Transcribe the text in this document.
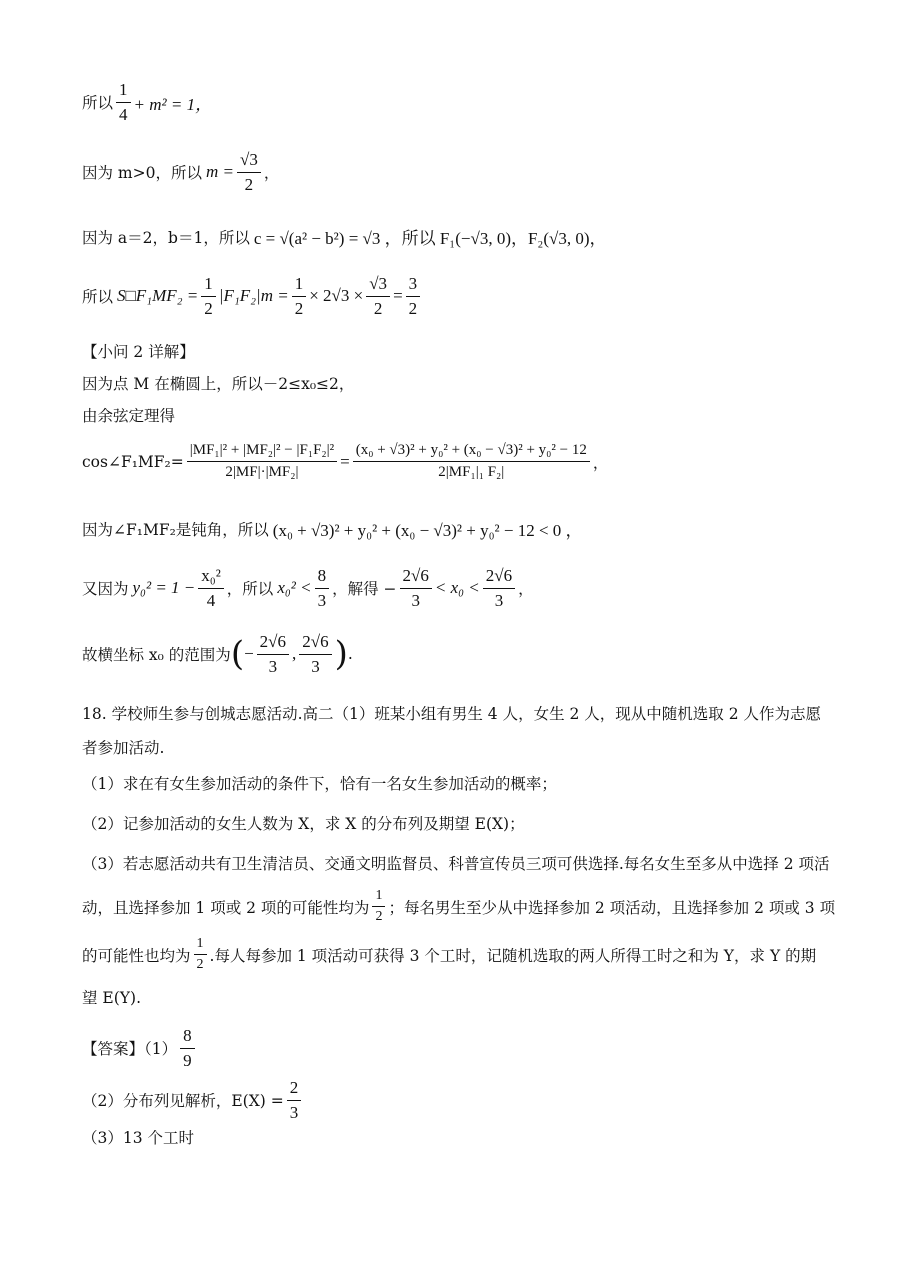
所以 $\frac{1}{4} + m^2 = 1$，
因为 m>0，所以 $m = \frac{√3}{2}$ ，
因为 a＝2，b＝1，所以 c = √(a² − b²) = √3 ，所以 F₁(−√3, 0)，F₂(√3, 0)，
所以 S□F₁MF₂ = $\frac{1}{2} |F_1F_2|m = \frac{1}{2} \times 2√3 \times \frac{√3}{2} = \frac{3}{2}$
【小问 2 详解】
因为点 M 在椭圆上，所以－2≤x₀≤2，
由余弦定理得
cos∠F₁MF₂= $\frac{\text{|MF₁|² + |MF₂|² − |F₁F₂|²}}{\text{2|MF|·|MF₂|}} = \frac{\text{(x₀ + √3)² + y₀² + (x₀ − √3)² + y₀² − 12}}{\text{2|MF₁|₁ F₂|}}$ ，
因为∠F₁MF₂是钝角，所以 (x₀ + √3)² + y₀² + (x₀ − √3)² + y₀² − 12 < 0 ，
又因为 $y_0^2 = 1 - \frac{\text{x₀²}}{4}$ ，所以 $x_0^2 < \frac{8}{3}$ ，解得 − $\frac{2√6}{3} < x_0 < \frac{2√6}{3}$ ，
故横坐标 x₀ 的范围为 ( − $\frac{2√6}{3}$ , $\frac{2√6}{3}$ ) .
18. 学校师生参与创城志愿活动.高二（1）班某小组有男生 4 人，女生 2 人，现从中随机选取 2 人作为志愿
者参加活动.
（1）求在有女生参加活动的条件下，恰有一名女生参加活动的概率；
（2）记参加活动的女生人数为 X，求 X 的分布列及期望 E(X)；
（3）若志愿活动共有卫生清洁员、交通文明监督员、科普宣传员三项可供选择.每名女生至多从中选择 2 项活
动，且选择参加 1 项或 2 项的可能性均为 $\frac{1}{2}$ ；每名男生至少从中选择参加 2 项活动，且选择参加 2 项或 3 项
的可能性也均为 $\frac{1}{2}$ .每人每参加 1 项活动可获得 3 个工时，记随机选取的两人所得工时之和为 Y，求 Y 的期
望 E(Y).
【答案】$(1) \frac{8}{9}$
（2）分布列见解析，$E(X) = \frac{2}{3}$
（3）13 个工时
